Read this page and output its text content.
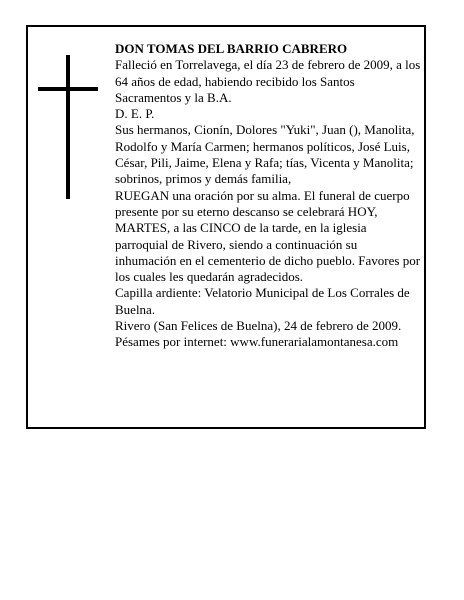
DON TOMAS DEL BARRIO CABRERO

Falleció en Torrelavega, el día 23 de febrero de 2009, a los 64 años de edad, habiendo recibido los Santos Sacramentos y la B.A.

D. E. P.

Sus hermanos, Cionín, Dolores "Yuki", Juan (), Manolita, Rodolfo y María Carmen; hermanos políticos, José Luis, César, Pili, Jaime, Elena y Rafa; tías, Vicenta y Manolita; sobrinos, primos y demás familia,

RUEGAN una oración por su alma. El funeral de cuerpo presente por su eterno descanso se celebrará HOY, MARTES, a las CINCO de la tarde, en la iglesia parroquial de Rivero, siendo a continuación su inhumación en el cementerio de dicho pueblo. Favores por los cuales les quedarán agradecidos.

Capilla ardiente: Velatorio Municipal de Los Corrales de Buelna.

Rivero (San Felices de Buelna), 24 de febrero de 2009.

Pésames por internet: www.funerarialamontanesa.com
